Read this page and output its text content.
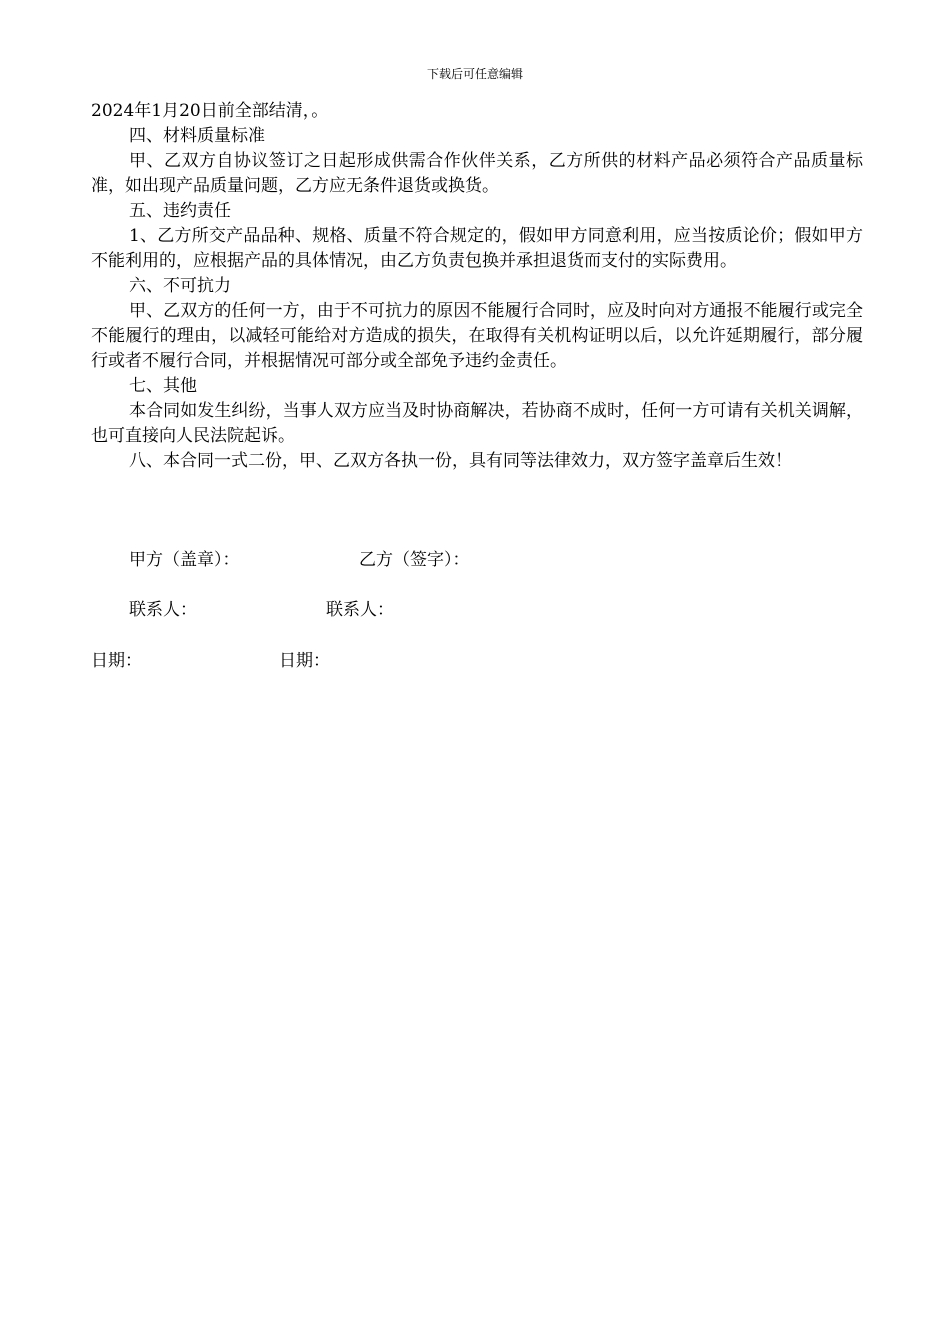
下载后可任意编辑

2024年1月20日前全部结清，。

四、材料质量标准

甲、乙双方自协议签订之日起形成供需合作伙伴关系，乙方所供的材料产品必须符合产品质量标准，如出现产品质量问题，乙方应无条件退货或换货。

五、违约责任

1、乙方所交产品品种、规格、质量不符合规定的，假如甲方同意利用，应当按质论价；假如甲方不能利用的，应根据产品的具体情况，由乙方负责包换并承担退货而支付的实际费用。

六、不可抗力

甲、乙双方的任何一方，由于不可抗力的原因不能履行合同时，应及时向对方通报不能履行或完全不能履行的理由，以减轻可能给对方造成的损失，在取得有关机构证明以后，以允许延期履行，部分履行或者不履行合同，并根据情况可部分或全部免予违约金责任。

七、其他

本合同如发生纠纷，当事人双方应当及时协商解决，若协商不成时，任何一方可请有关机关调解，也可直接向人民法院起诉。

八、本合同一式二份，甲、乙双方各执一份，具有同等法律效力，双方签字盖章后生效！

甲方（盖章）：	乙方（签字）：
联系人：	联系人：
日期：	日期：
